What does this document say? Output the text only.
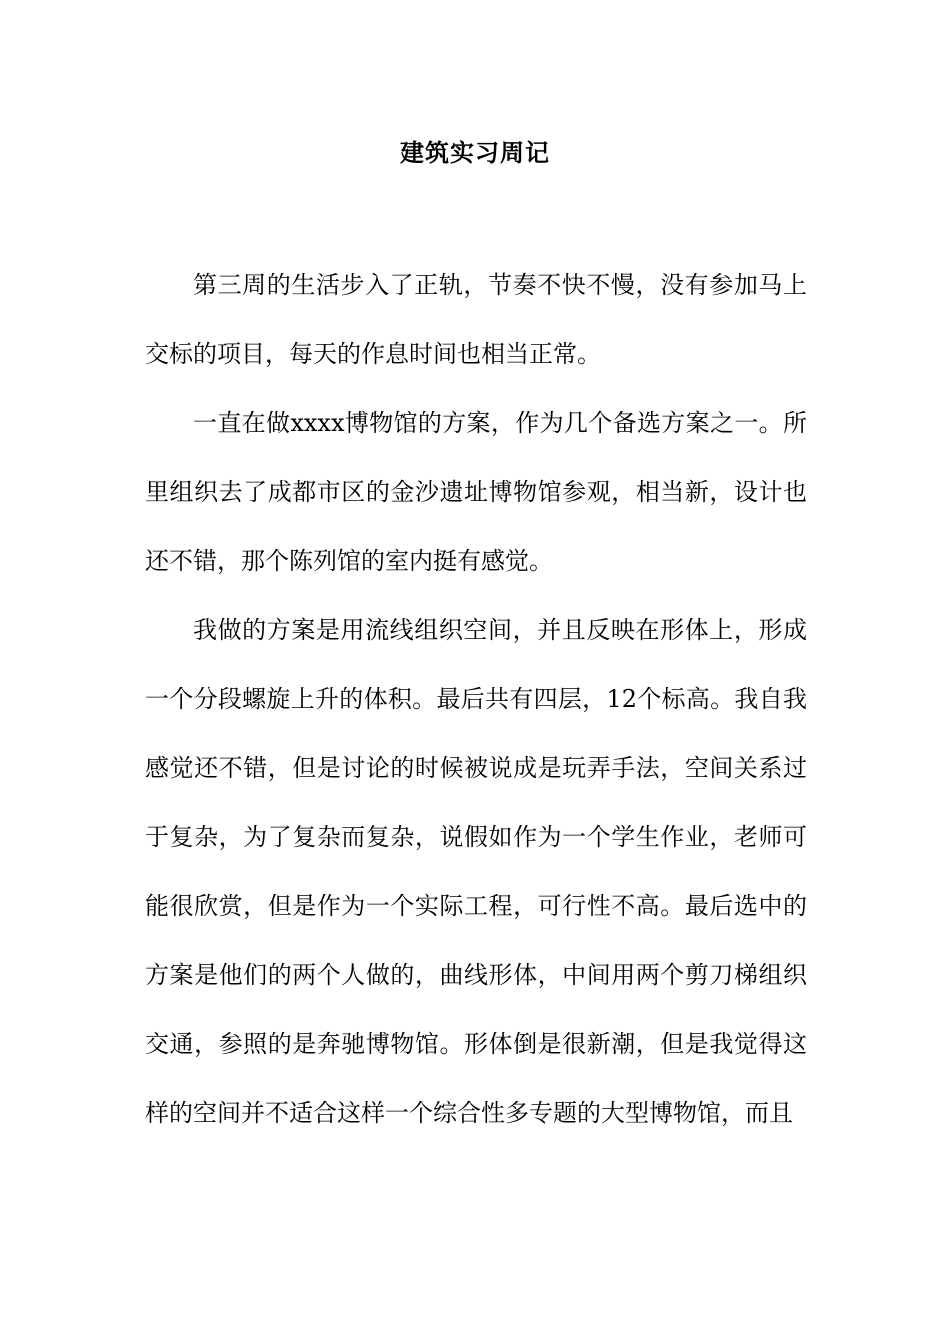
建筑实习周记

第三周的生活步入了正轨，节奏不快不慢，没有参加马上交标的项目，每天的作息时间也相当正常。

一直在做xxxx博物馆的方案，作为几个备选方案之一。所里组织去了成都市区的金沙遗址博物馆参观，相当新，设计也还不错，那个陈列馆的室内挺有感觉。

我做的方案是用流线组织空间，并且反映在形体上，形成一个分段螺旋上升的体积。最后共有四层，12个标高。我自我感觉还不错，但是讨论的时候被说成是玩弄手法，空间关系过于复杂，为了复杂而复杂，说假如作为一个学生作业，老师可能很欣赏，但是作为一个实际工程，可行性不高。最后选中的方案是他们的两个人做的，曲线形体，中间用两个剪刀梯组织交通，参照的是奔驰博物馆。形体倒是很新潮，但是我觉得这样的空间并不适合这样一个综合性多专题的大型博物馆，而且
